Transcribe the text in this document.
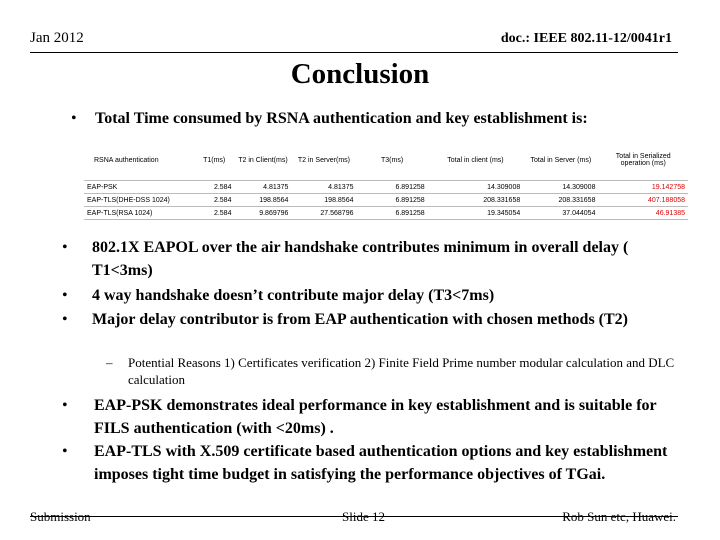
Jan 2012	doc.: IEEE 802.11-12/0041r1
Conclusion
• Total Time consumed by RSNA authentication and key establishment is:
RSNA authentication	T1(ms)	T2 in Client(ms)	T2 in Server(ms)	T3(ms)	Total in client (ms)	Total in Server (ms)	Total in Serialized operation (ms)
EAP-PSK	2.584	4.81375	4.81375	6.891258	14.309008	14.309008	19.142758
EAP-TLS(DHE-DSS 1024)	2.584	198.8564	198.8564	6.891258	208.331658	208.331658	407.188058
EAP-TLS(RSA 1024)	2.584	9.869796	27.568796	6.891258	19.345054	37.044054	46.91385
• 802.1X EAPOL over the air handshake contributes minimum in overall delay ( T1<3ms)
• 4 way handshake doesn’t contribute major delay (T3<7ms)
• Major delay contributor is from EAP authentication with chosen methods (T2)
– Potential Reasons 1) Certificates verification 2) Finite Field Prime number modular calculation and DLC calculation
• EAP-PSK demonstrates ideal performance in key establishment and is suitable for FILS authentication (with <20ms) .
• EAP-TLS with X.509 certificate based authentication options and key establishment imposes tight time budget in satisfying the performance objectives of TGai.
Submission	Slide 12	Rob Sun etc, Huawei.
